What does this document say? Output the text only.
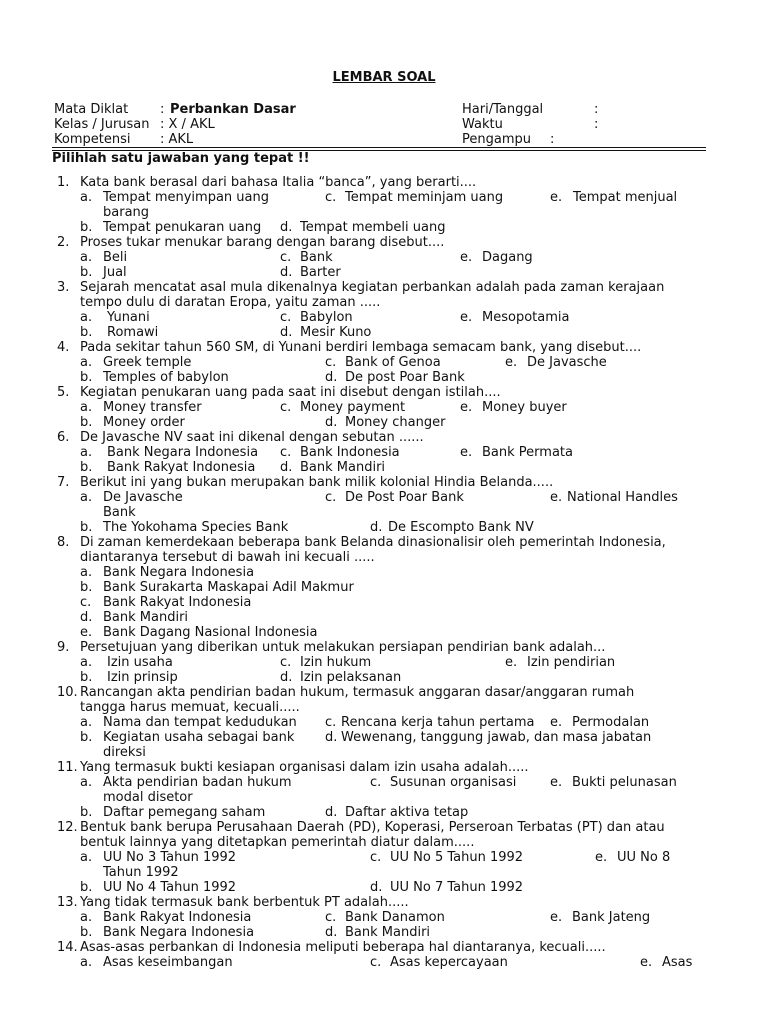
LEMBAR SOAL
Mata Diklat : Perbankan Dasar	Hari/Tanggal	:
Kelas / Jurusan : X / AKL	Waktu	:
Kompetensi : AKL	Pengampu :
Pilihlah satu jawaban yang tepat !!
1. Kata bank berasal dari bahasa Italia “banca”, yang berarti....
a. Tempat menyimpan uang	c. Tempat meminjam uang	e. Tempat menjual
barang
b. Tempat penukaran uang d. Tempat membeli uang
2. Proses tukar menukar barang dengan barang disebut....
a. Beli	c. Bank	e. Dagang
b. Jual	d. Barter
3. Sejarah mencatat asal mula dikenalnya kegiatan perbankan adalah pada zaman kerajaan
tempo dulu di daratan Eropa, yaitu zaman .....
a. Yunani	c. Babylon	e. Mesopotamia
b. Romawi	d. Mesir Kuno
4. Pada sekitar tahun 560 SM, di Yunani berdiri lembaga semacam bank, yang disebut....
a. Greek temple	c. Bank of Genoa	e. De Javasche
b. Temples of babylon	d. De post Poar Bank
5. Kegiatan penukaran uang pada saat ini disebut dengan istilah....
a. Money transfer	c. Money payment	e. Money buyer
b. Money order	d. Money changer
6. De Javasche NV saat ini dikenal dengan sebutan ......
a. Bank Negara Indonesia c. Bank Indonesia	e. Bank Permata
b. Bank Rakyat Indonesia d. Bank Mandiri
7. Berikut ini yang bukan merupakan bank milik kolonial Hindia Belanda.....
a. De Javasche	c. De Post Poar Bank	e. National Handles
Bank
b. The Yokohama Species Bank	d. De Escompto Bank NV
8. Di zaman kemerdekaan beberapa bank Belanda dinasionalisir oleh pemerintah Indonesia,
diantaranya tersebut di bawah ini kecuali .....
a. Bank Negara Indonesia
b. Bank Surakarta Maskapai Adil Makmur
c. Bank Rakyat Indonesia
d. Bank Mandiri
e. Bank Dagang Nasional Indonesia
9. Persetujuan yang diberikan untuk melakukan persiapan pendirian bank adalah...
a. Izin usaha	c. Izin hukum	e. Izin pendirian
b. Izin prinsip	d. Izin pelaksanan
10. Rancangan akta pendirian badan hukum, termasuk anggaran dasar/anggaran rumah
tangga harus memuat, kecuali.....
a. Nama dan tempat kedudukan c. Rencana kerja tahun pertama e. Permodalan
b. Kegiatan usaha sebagai bank d. Wewenang, tanggung jawab, dan masa jabatan
direksi
11. Yang termasuk bukti kesiapan organisasi dalam izin usaha adalah.....
a. Akta pendirian badan hukum	c. Susunan organisasi	e. Bukti pelunasan
modal disetor
b. Daftar pemegang saham	d. Daftar aktiva tetap
12. Bentuk bank berupa Perusahaan Daerah (PD), Koperasi, Perseroan Terbatas (PT) dan atau
bentuk lainnya yang ditetapkan pemerintah diatur dalam.....
a. UU No 3 Tahun 1992	c. UU No 5 Tahun 1992	e. UU No 8
Tahun 1992
b. UU No 4 Tahun 1992	d. UU No 7 Tahun 1992
13. Yang tidak termasuk bank berbentuk PT adalah.....
a. Bank Rakyat Indonesia	c. Bank Danamon	e. Bank Jateng
b. Bank Negara Indonesia	d. Bank Mandiri
14. Asas-asas perbankan di Indonesia meliputi beberapa hal diantaranya, kecuali.....
a. Asas keseimbangan	c. Asas kepercayaan	e. Asas
